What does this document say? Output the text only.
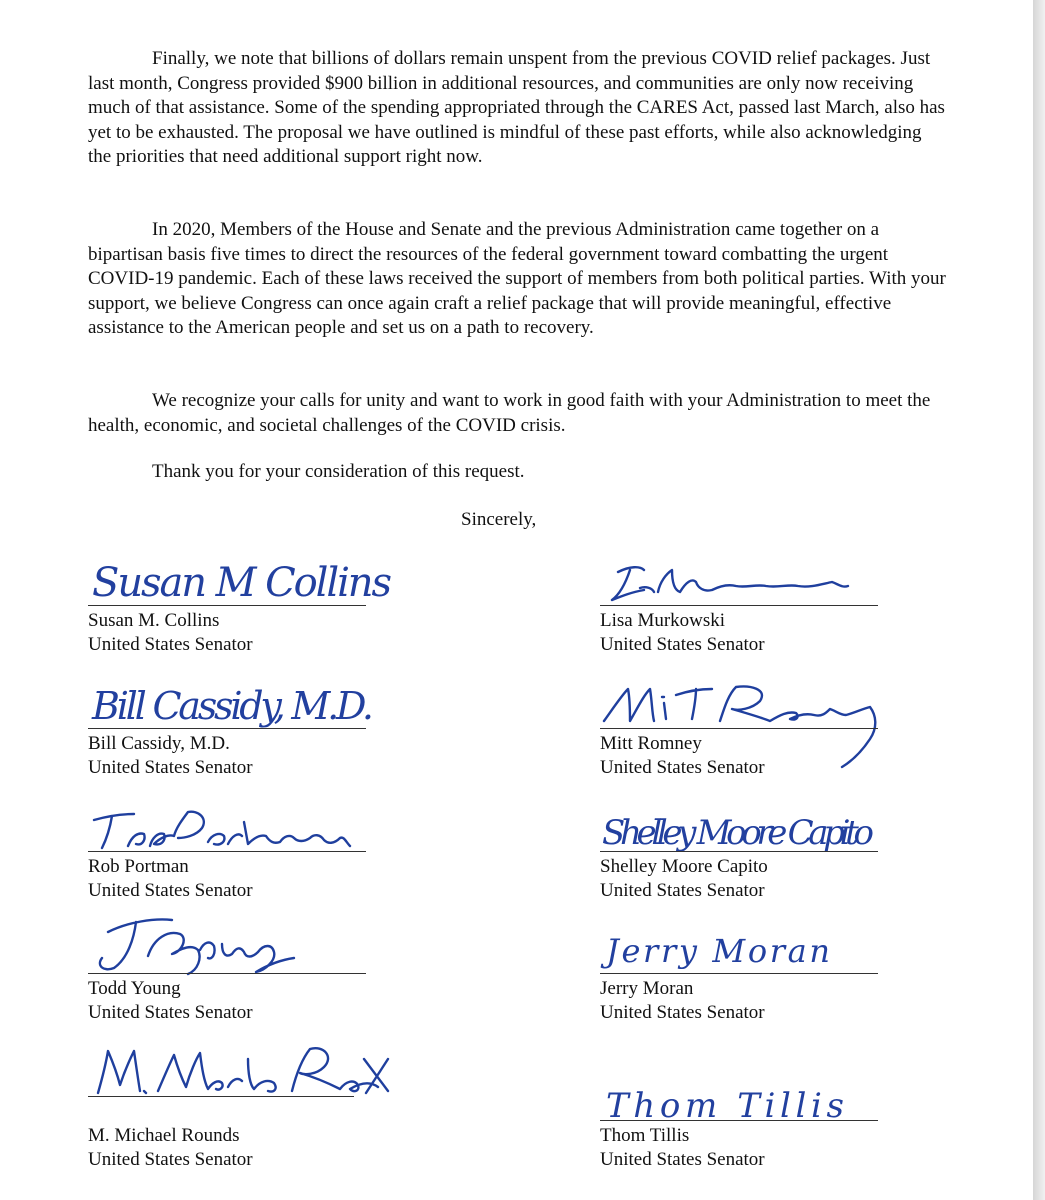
Finally, we note that billions of dollars remain unspent from the previous COVID relief packages. Just last month, Congress provided $900 billion in additional resources, and communities are only now receiving much of that assistance. Some of the spending appropriated through the CARES Act, passed last March, also has yet to be exhausted. The proposal we have outlined is mindful of these past efforts, while also acknowledging the priorities that need additional support right now.

In 2020, Members of the House and Senate and the previous Administration came together on a bipartisan basis five times to direct the resources of the federal government toward combatting the urgent COVID-19 pandemic. Each of these laws received the support of members from both political parties. With your support, we believe Congress can once again craft a relief package that will provide meaningful, effective assistance to the American people and set us on a path to recovery.

We recognize your calls for unity and want to work in good faith with your Administration to meet the health, economic, and societal challenges of the COVID crisis.

Thank you for your consideration of this request.

Sincerely,

Susan M Collins
Susan M. Collins
United States Senator
Lisa Murkowski
United States Senator
Bill Cassidy, M.D.
Bill Cassidy, M.D.
United States Senator
Mitt Romney
United States Senator
Rob Portman
United States Senator
Shelley Moore Capito
Shelley Moore Capito
United States Senator
Todd Young
United States Senator
Jerry Moran
Jerry Moran
United States Senator
M. Michael Rounds
United States Senator
Thom Tillis
Thom Tillis
United States Senator
